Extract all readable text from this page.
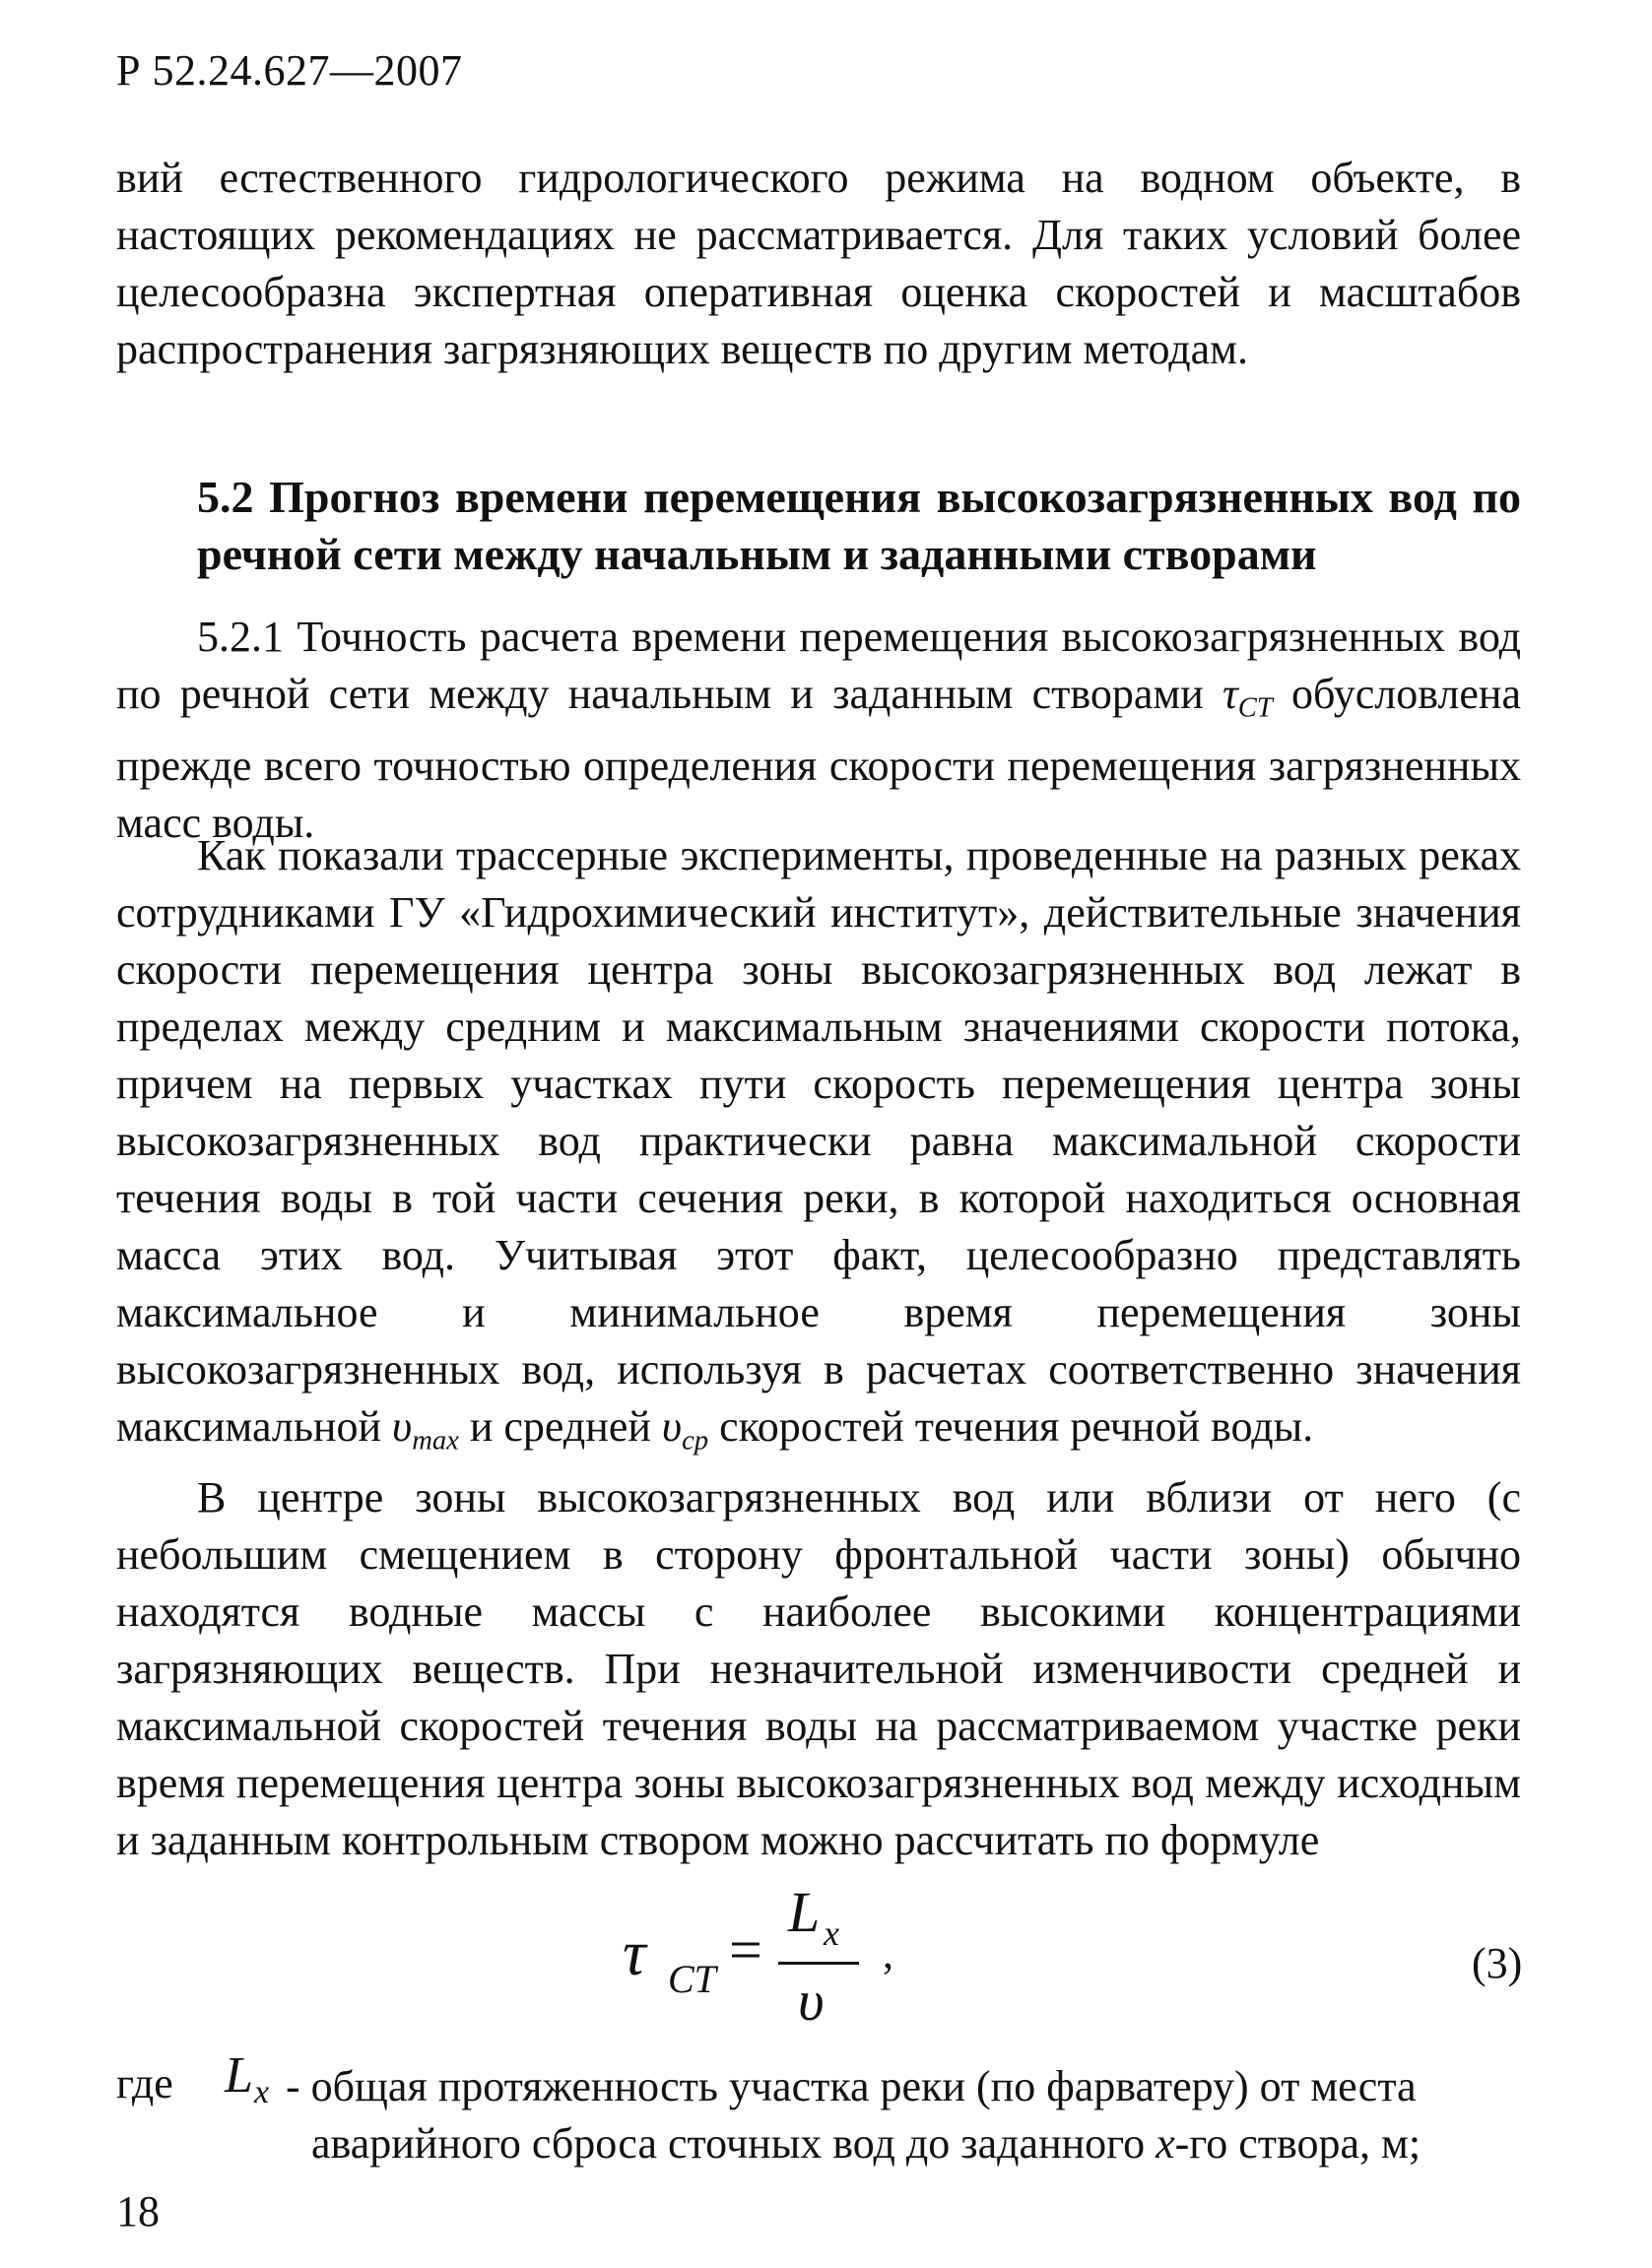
Р 52.24.627—2007

вий естественного гидрологического режима на водном объекте, в настоящих рекомендациях не рассматривается. Для таких условий более целесообразна экспертная оперативная оценка скоростей и масштабов распространения загрязняющих веществ по другим методам.

5.2 Прогноз времени перемещения высокозагрязненных вод по речной сети между начальным и заданными створами

5.2.1 Точность расчета времени перемещения высокозагрязненных вод по речной сети между начальным и заданным створами $\tau_{CT}$ обусловлена прежде всего точностью определения скорости перемещения загрязненных масс воды.

Как показали трассерные эксперименты, проведенные на разных реках сотрудниками ГУ «Гидрохимический институт», действительные значения скорости перемещения центра зоны высокозагрязненных вод лежат в пределах между средним и максимальным значениями скорости потока, причем на первых участках пути скорость перемещения центра зоны высокозагрязненных вод практически равна максимальной скорости течения воды в той части сечения реки, в которой находиться основная масса этих вод. Учитывая этот факт, целесообразно представлять максимальное и минимальное время перемещения зоны высокозагрязненных вод, используя в расчетах соответственно значения максимальной $\upsilon_{max}$ и средней $\upsilon_{cp}$ скоростей течения речной воды.

В центре зоны высокозагрязненных вод или вблизи от него (с небольшим смещением в сторону фронтальной части зоны) обычно находятся водные массы с наиболее высокими концентрациями загрязняющих веществ. При незначительной изменчивости средней и максимальной скоростей течения воды на рассматриваемом участке реки время перемещения центра зоны высокозагрязненных вод между исходным и заданным контрольным створом можно рассчитать по формуле

τ CT =
L x
υ
,	(3)
где L x - общая протяженность участка реки (по фарватеру) от места
аварийного сброса сточных вод до заданного x-го створа, м;
18
